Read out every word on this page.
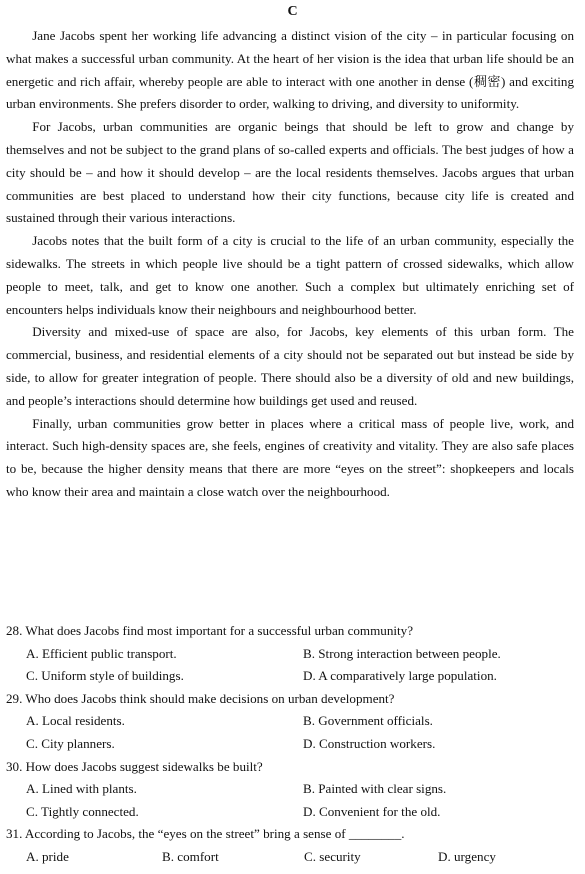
C

Jane Jacobs spent her working life advancing a distinct vision of the city – in particular focusing on what makes a successful urban community. At the heart of her vision is the idea that urban life should be an energetic and rich affair, whereby people are able to interact with one another in dense (稠密) and exciting urban environments. She prefers disorder to order, walking to driving, and diversity to uniformity.

For Jacobs, urban communities are organic beings that should be left to grow and change by themselves and not be subject to the grand plans of so-called experts and officials. The best judges of how a city should be – and how it should develop – are the local residents themselves. Jacobs argues that urban communities are best placed to understand how their city functions, because city life is created and sustained through their various interactions.

Jacobs notes that the built form of a city is crucial to the life of an urban community, especially the sidewalks. The streets in which people live should be a tight pattern of crossed sidewalks, which allow people to meet, talk, and get to know one another. Such a complex but ultimately enriching set of encounters helps individuals know their neighbours and neighbourhood better.

Diversity and mixed-use of space are also, for Jacobs, key elements of this urban form. The commercial, business, and residential elements of a city should not be separated out but instead be side by side, to allow for greater integration of people. There should also be a diversity of old and new buildings, and people’s interactions should determine how buildings get used and reused.

Finally, urban communities grow better in places where a critical mass of people live, work, and interact. Such high-density spaces are, she feels, engines of creativity and vitality. They are also safe places to be, because the higher density means that there are more “eyes on the street”: shopkeepers and locals who know their area and maintain a close watch over the neighbourhood.

28. What does Jacobs find most important for a successful urban community?
A. Efficient public transport.	B. Strong interaction between people.
C. Uniform style of buildings.	D. A comparatively large population.
29. Who does Jacobs think should make decisions on urban development?
A. Local residents.	B. Government officials.
C. City planners.	D. Construction workers.
30. How does Jacobs suggest sidewalks be built?
A. Lined with plants.	B. Painted with clear signs.
C. Tightly connected.	D. Convenient for the old.
31. According to Jacobs, the “eyes on the street” bring a sense of ________.
A. pride	B. comfort	C. security	D. urgency
